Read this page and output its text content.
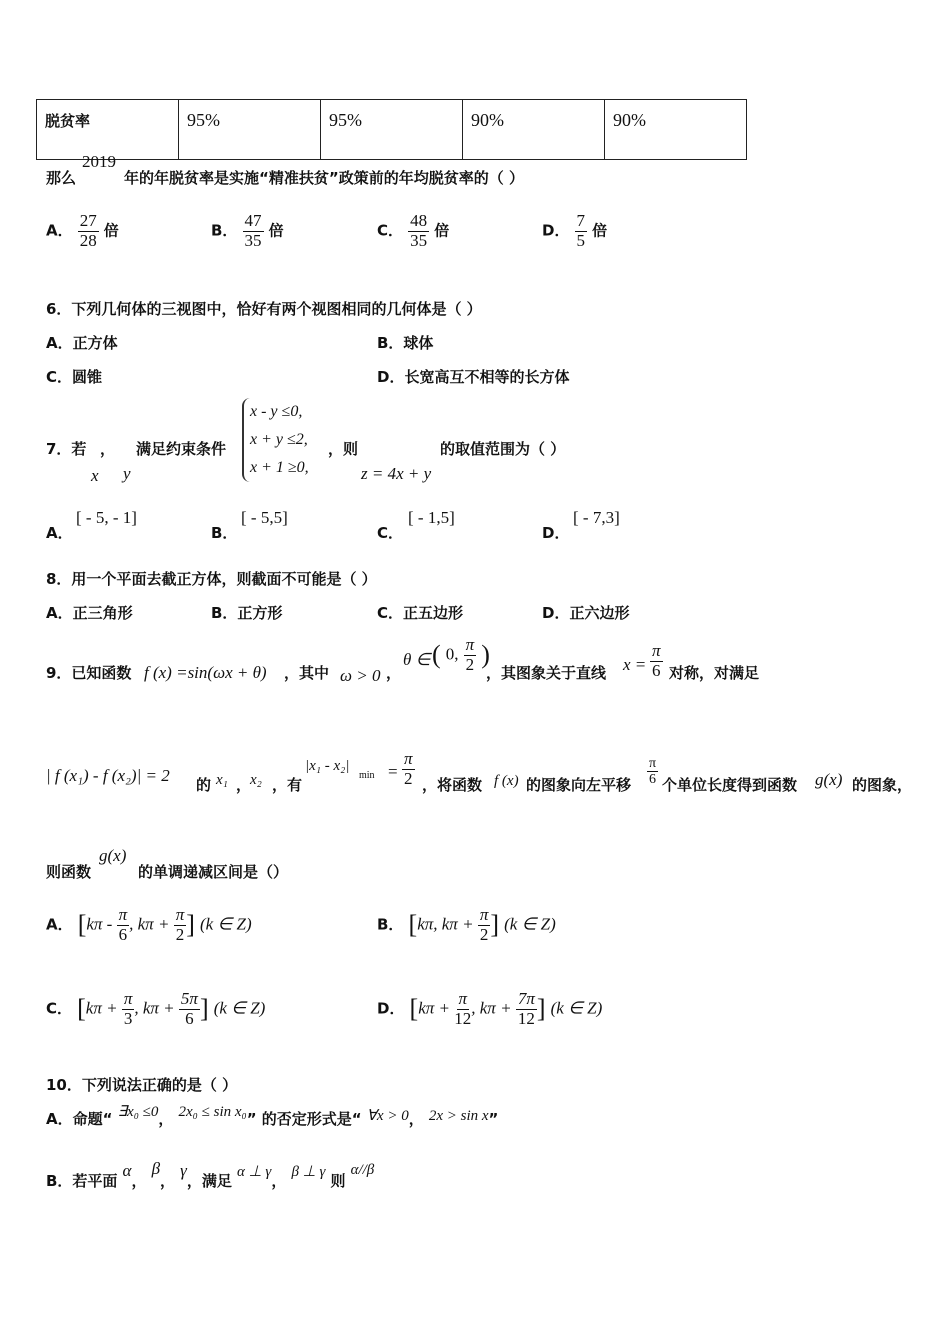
脱贫率	95%	95%	90%	90%
那么
2019
年的年脱贫率是实施“精准扶贫”政策前的年均脱贫率的（ ）
A． $\frac{27}{28}$ 倍	B． $\frac{47}{35}$ 倍	C． $\frac{48}{35}$ 倍	D． $\frac{7}{5}$ 倍
6．下列几何体的三视图中，恰好有两个视图相同的几何体是（ ）
A．正方体	B．球体
C．圆锥	D．长宽高互不相等的长方体
7．若 ，
x y
满足约束条件
x - y ≤0,
x + y ≤2,
x + 1 ≥0,
，则
z = 4x + y
的取值范围为（ ）
A．
[ - 5, - 1]
B．
[ - 5,5]
C．
[ - 1,5]
D．
[ - 7,3]
8．用一个平面去截正方体，则截面不可能是（ ）
A．正三角形	B．正方形	C．正五边形	D．正六边形
9．已知函数 f (x) =sin(ωx + θ) ，其中 ω > 0 ，
θ ∈ ( 0, $\frac{\pi}{2}$ )
，其图象关于直线 $x = \frac{\pi}{6}$ 对称，对满足
| f (x₁) - f (x₂)| = 2 的 x₁ ，
x₂ ，有
|x₁ - x₂|
$\min = \frac{\pi}{2}$ ，将函数 f (x) 的图象向左平移 $\frac{\pi}{6}$ 个单位长度得到函数 g(x) 的图象，
则函数
g(x)
的单调递减区间是（）
A． [$k\pi - \frac{\pi}{6}$ , $k\pi + \frac{\pi}{2}$ ] (k ∈ Z)	B． [kπ, $k\pi + \frac{\pi}{2}$ ] (k ∈ Z)
C． [$k\pi + \frac{\pi}{3}$ , $k\pi + \frac{5\pi}{6}$ ] (k ∈ Z)	D． [$k\pi + \frac{\pi}{12}$ , $k\pi + \frac{7\pi}{12}$ ] (k ∈ Z)
10．下列说法正确的是（ ）
A．命题“ ∃x₀ ≤0， 2x₀ ≤ sin x₀” 的否定形式是“ ∀x > 0， 2x > sin x”
B．若平面 α， β， γ，满足 α ⊥ γ， β ⊥ γ 则 α//β
